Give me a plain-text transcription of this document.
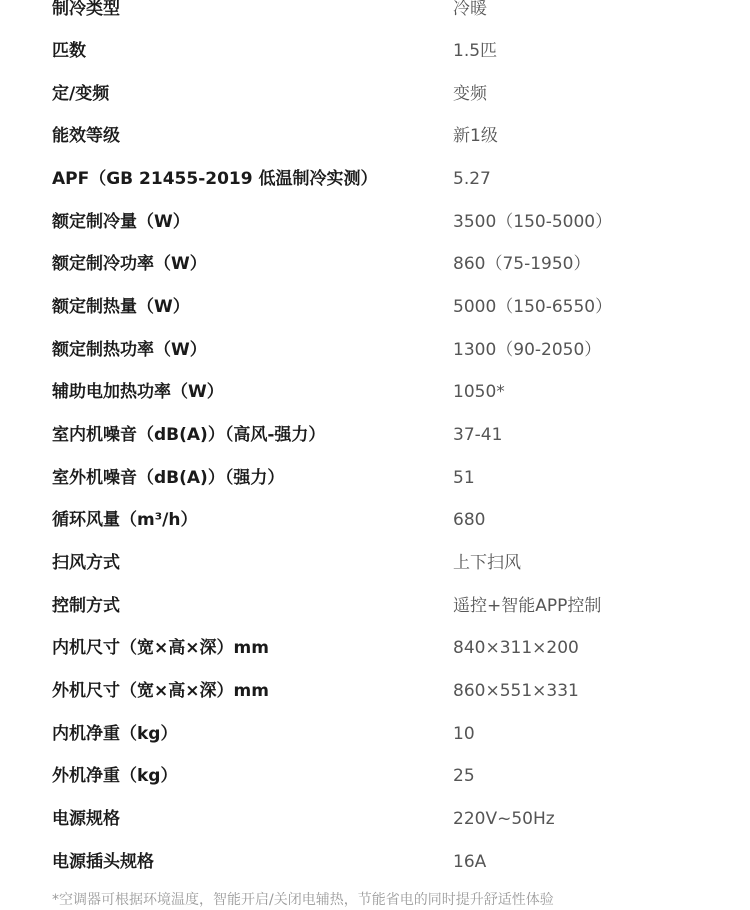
制冷类型	冷暖
匹数	1.5匹
定/变频	变频
能效等级	新1级
APF（GB 21455-2019 低温制冷实测）	5.27
额定制冷量（W）	3500（150-5000）
额定制冷功率（W）	860（75-1950）
额定制热量（W）	5000（150-6550）
额定制热功率（W）	1300（90-2050）
辅助电加热功率（W）	1050*
室内机噪音（dB(A)）（高风-强力）	37-41
室外机噪音（dB(A)）（强力）	51
循环风量（m³/h）	680
扫风方式	上下扫风
控制方式	遥控+智能APP控制
内机尺寸（宽×高×深）mm	840×311×200
外机尺寸（宽×高×深）mm	860×551×331
内机净重（kg）	10
外机净重（kg）	25
电源规格	220V~50Hz
电源插头规格	16A
*空调器可根据环境温度，智能开启/关闭电辅热，节能省电的同时提升舒适性体验
